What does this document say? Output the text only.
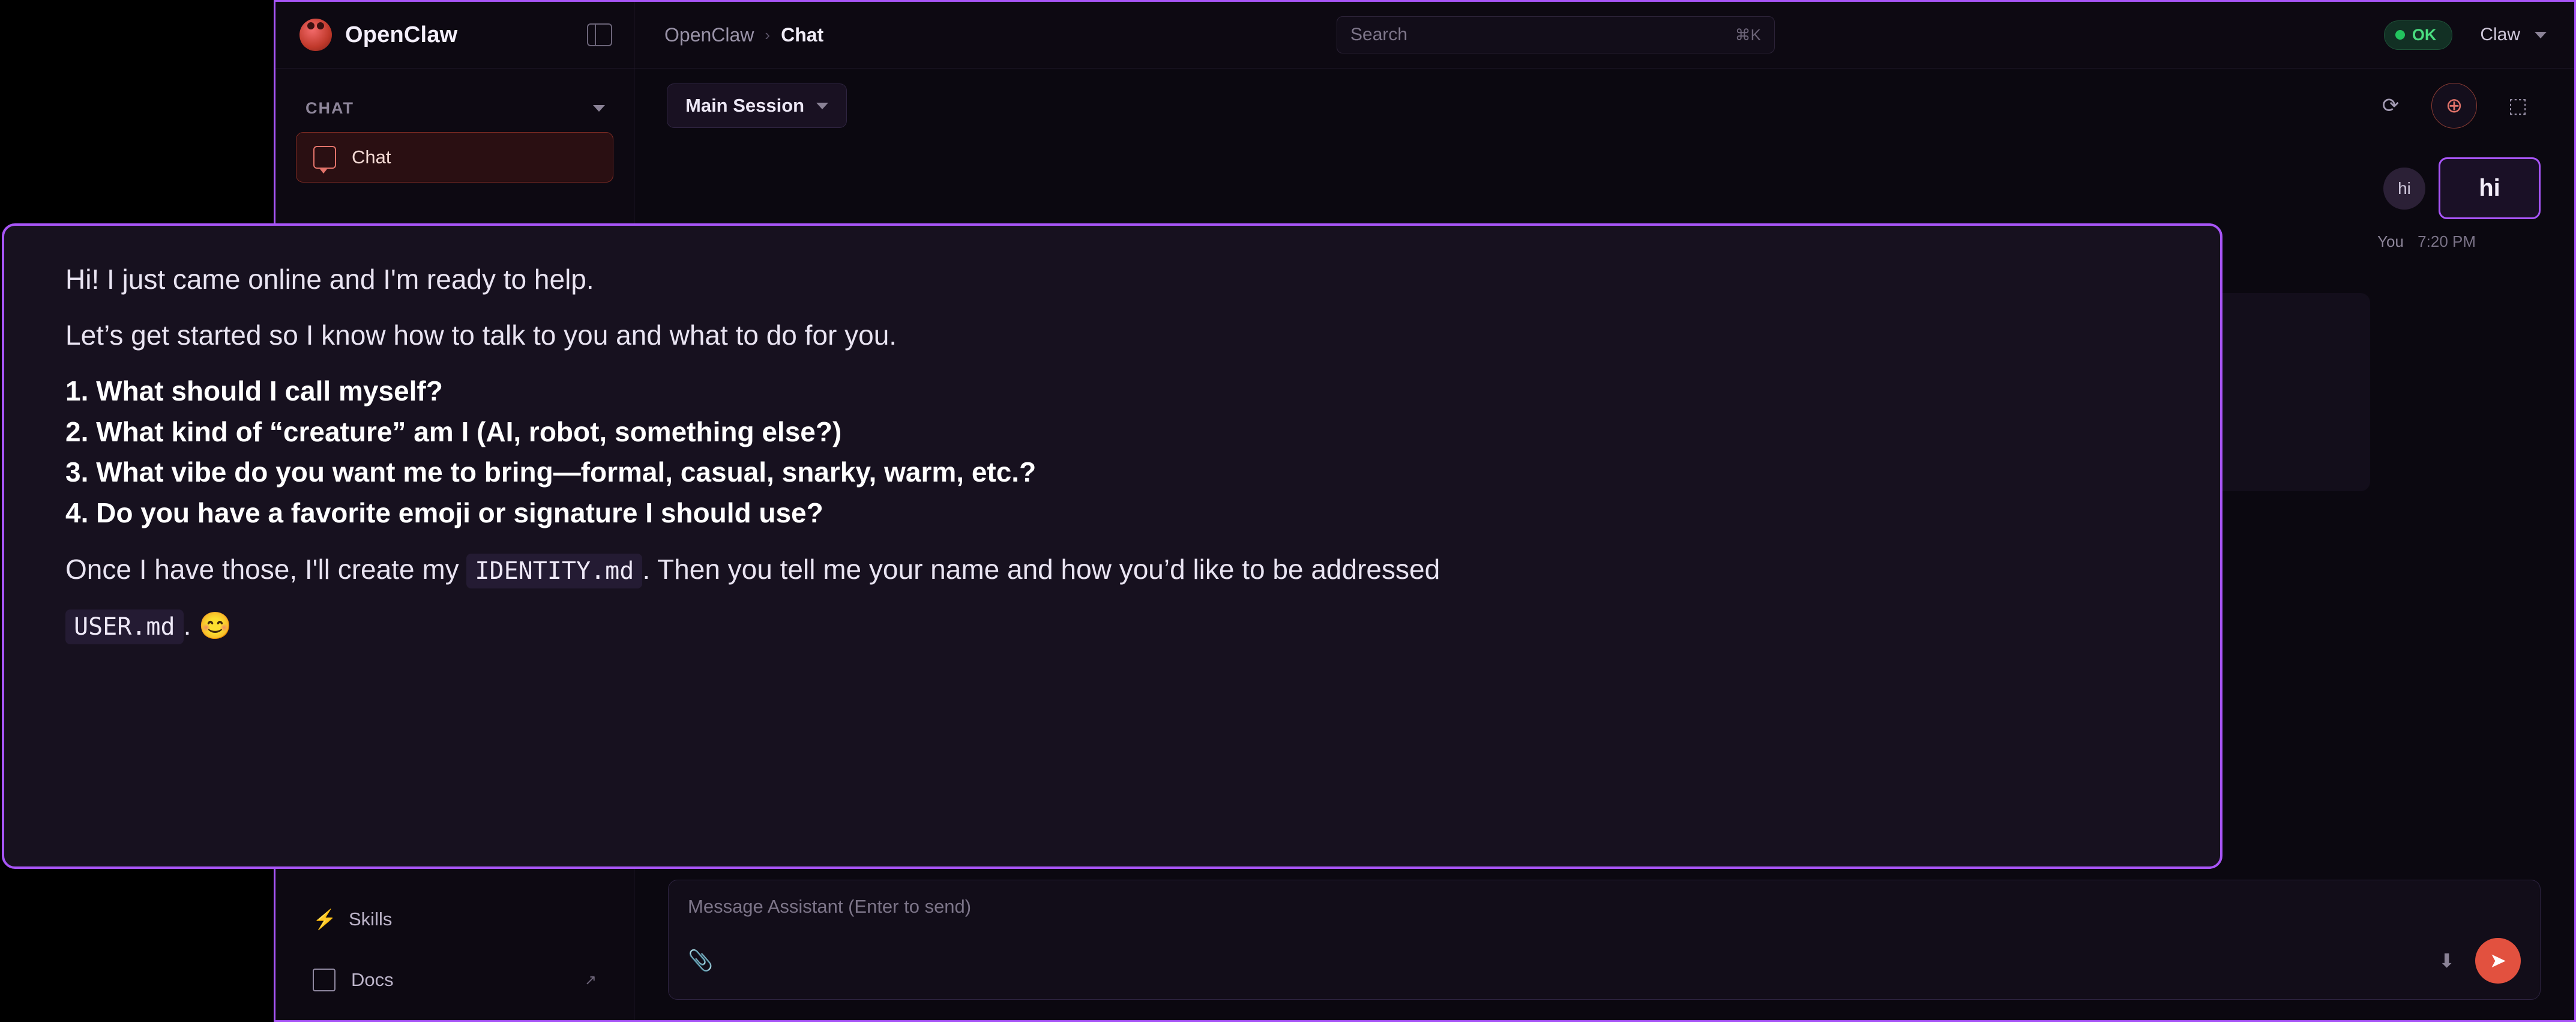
OpenClaw	OpenClaw › Chat	Search	⌘K	OK Claw
CHAT
Chat
⚡ Skills
Docs	↗
Main Session	⟳	⊕	⬚
hi	hi
You 7:20 PM
Message Assistant (Enter to send)
📎	⬇	➤

Hi! I just came online and I'm ready to help.

Let’s get started so I know how to talk to you and what to do for you.

1. What should I call myself?

2. What kind of “creature” am I (AI, robot, something else?)

3. What vibe do you want me to bring—formal, casual, snarky, warm, etc.?

4. Do you have a favorite emoji or signature I should use?

Once I have those, I'll create my IDENTITY.md . Then you tell me your name and how you’d like to be addressed

USER.md . 😊
